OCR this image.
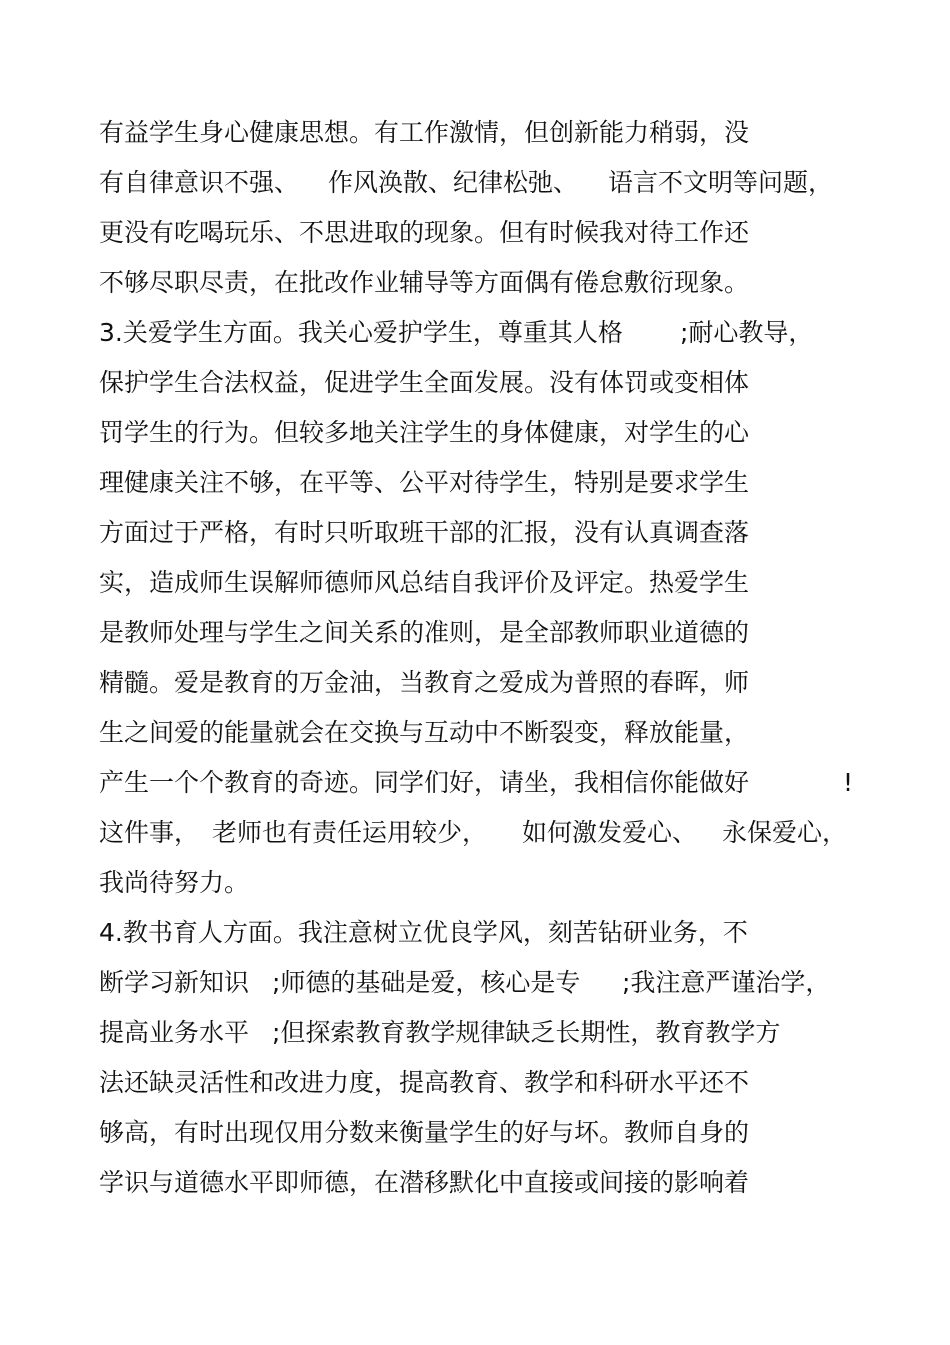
有益学生身心健康思想。有工作激情，但创新能力稍弱，没
有自律意识不强、 作风涣散、纪律松弛、 语言不文明等问题，
更没有吃喝玩乐、不思进取的现象。但有时候我对待工作还
不够尽职尽责，在批改作业辅导等方面偶有倦怠敷衍现象。
3.关爱学生方面。我关心爱护学生，尊重其人格 ;耐心教导，
保护学生合法权益，促进学生全面发展。没有体罚或变相体
罚学生的行为。但较多地关注学生的身体健康，对学生的心
理健康关注不够，在平等、公平对待学生，特别是要求学生
方面过于严格，有时只听取班干部的汇报，没有认真调查落
实，造成师生误解师德师风总结自我评价及评定。热爱学生
是教师处理与学生之间关系的准则，是全部教师职业道德的
精髓。爱是教育的万金油，当教育之爱成为普照的春晖，师
生之间爱的能量就会在交换与互动中不断裂变，释放能量，
产生一个个教育的奇迹。同学们好，请坐，我相信你能做好	!
这件事， 老师也有责任运用较少， 如何激发爱心、 永保爱心，
我尚待努力。
4.教书育人方面。我注意树立优良学风，刻苦钻研业务，不
断学习新知识 ;师德的基础是爱，核心是专 ;我注意严谨治学，
提高业务水平 ;但探索教育教学规律缺乏长期性，教育教学方
法还缺灵活性和改进力度，提高教育、教学和科研水平还不
够高，有时出现仅用分数来衡量学生的好与坏。教师自身的
学识与道德水平即师德，在潜移默化中直接或间接的影响着
